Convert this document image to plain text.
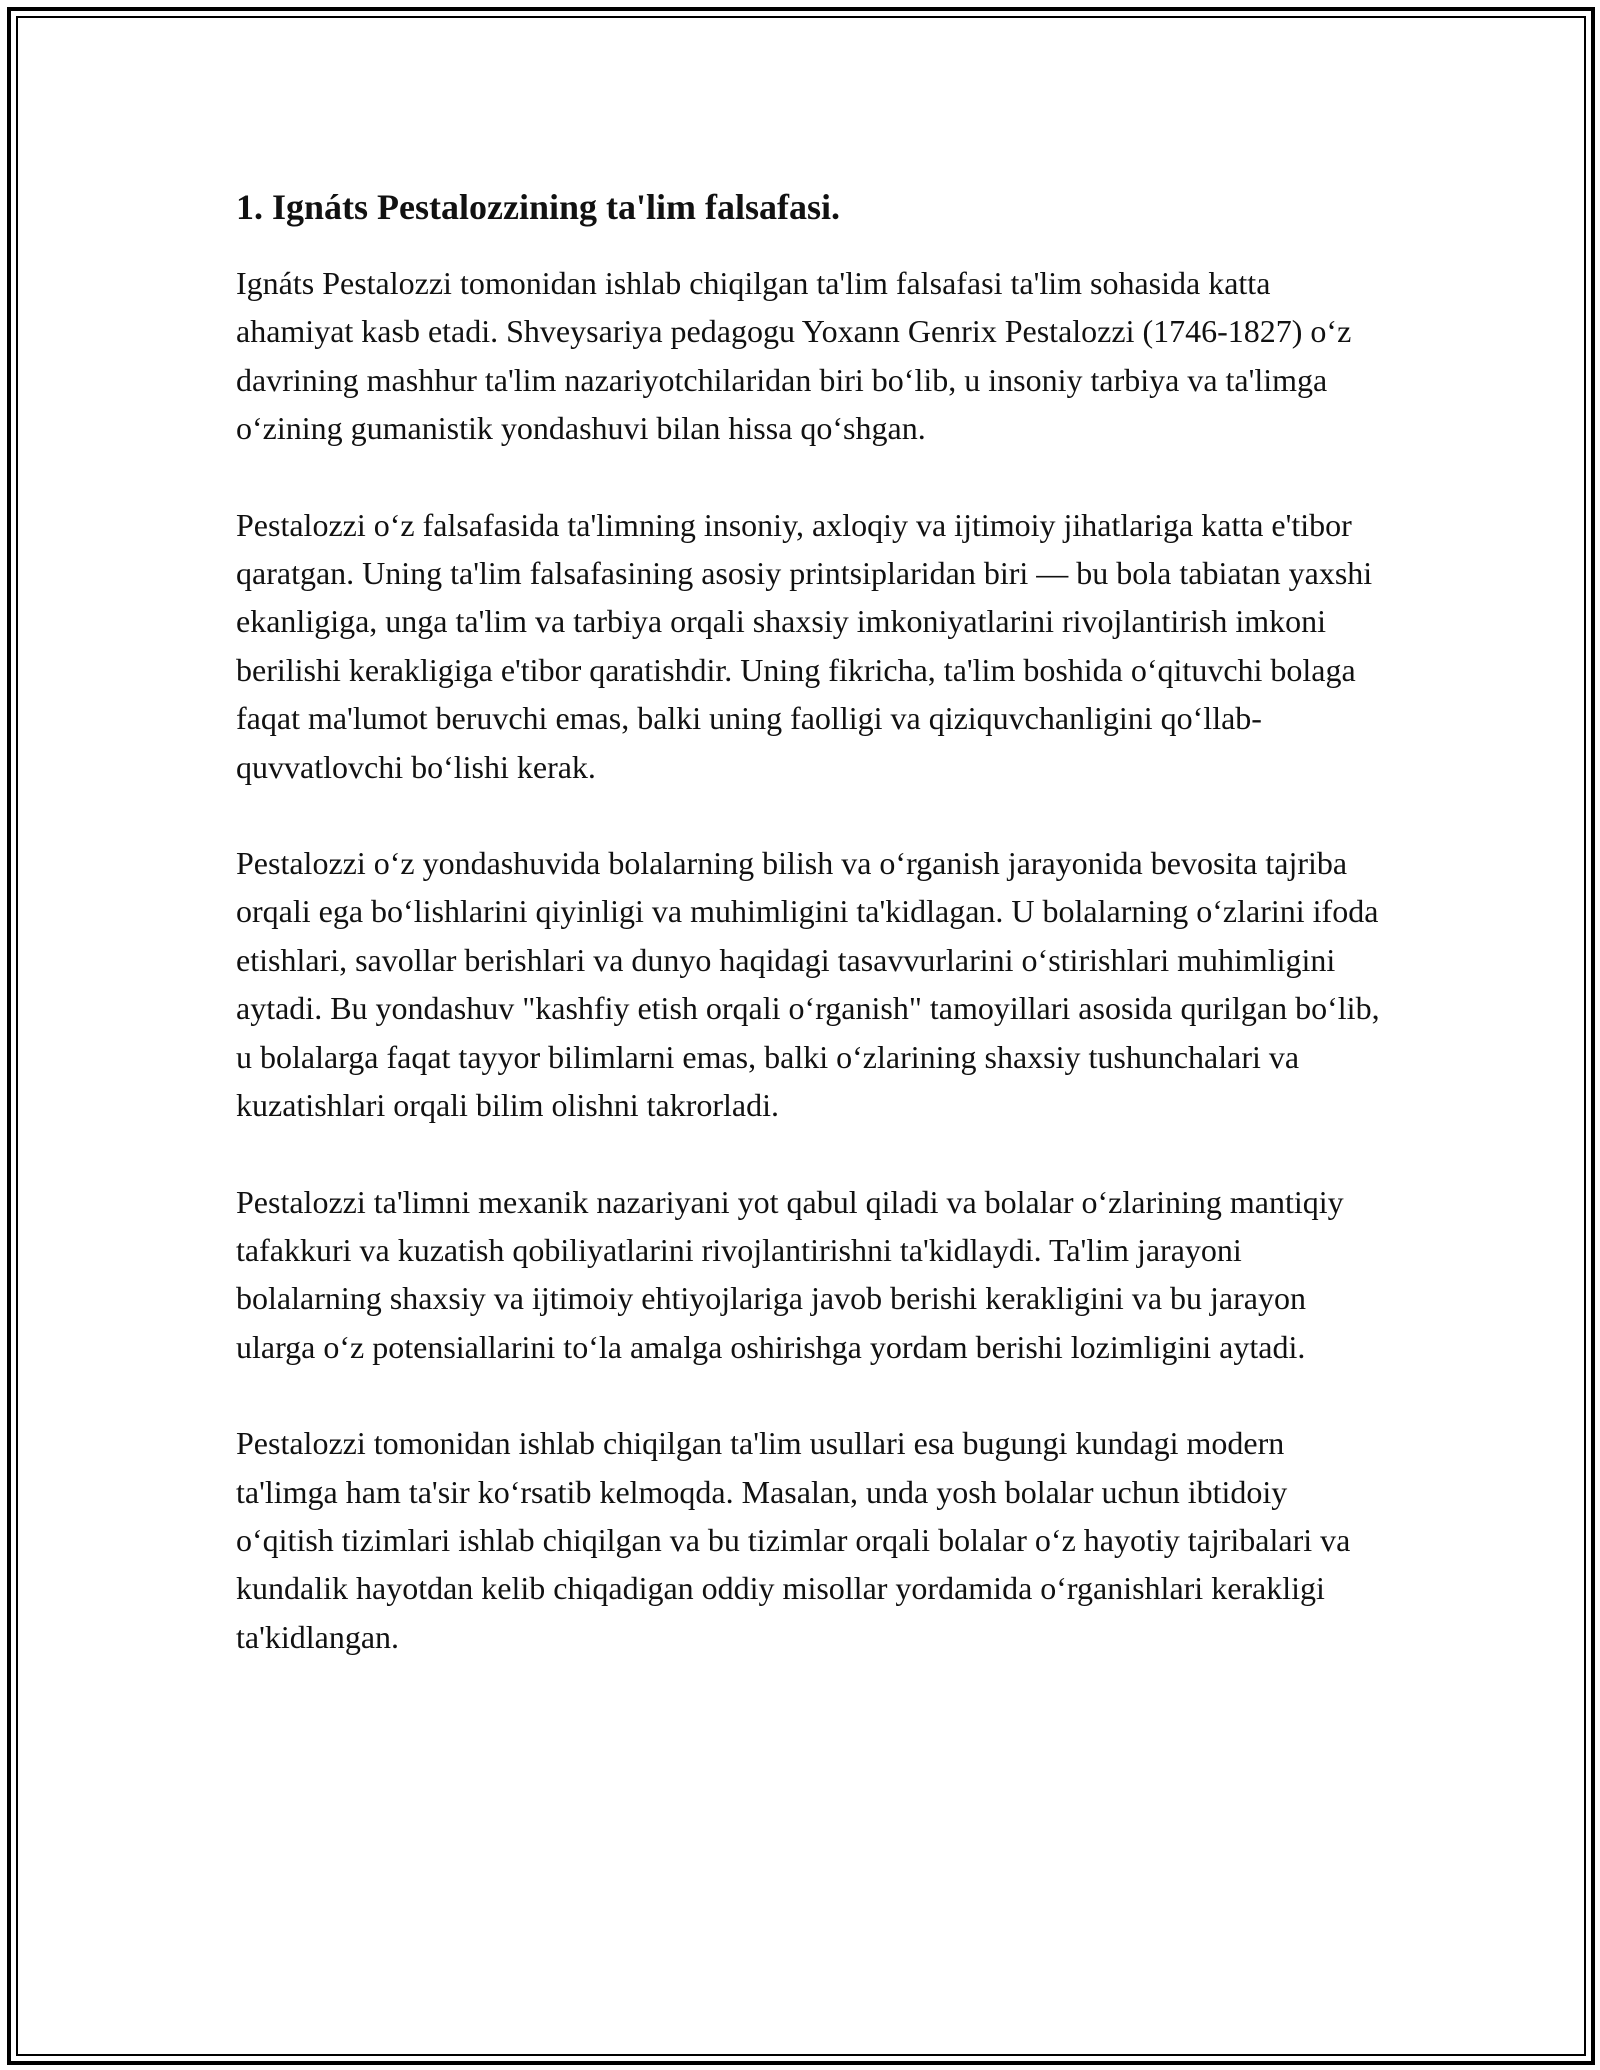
1. Ignáts Pestalozzining ta'lim falsafasi.

Ignáts Pestalozzi tomonidan ishlab chiqilgan ta'lim falsafasi ta'lim sohasida katta ahamiyat kasb etadi. Shveysariya pedagogu Yoxann Genrix Pestalozzi (1746-1827) o‘z davrining mashhur ta'lim nazariyotchilaridan biri bo‘lib, u insoniy tarbiya va ta'limga o‘zining gumanistik yondashuvi bilan hissa qo‘shgan.

Pestalozzi o‘z falsafasida ta'limning insoniy, axloqiy va ijtimoiy jihatlariga katta e'tibor qaratgan. Uning ta'lim falsafasining asosiy printsiplaridan biri — bu bola tabiatan yaxshi ekanligiga, unga ta'lim va tarbiya orqali shaxsiy imkoniyatlarini rivojlantirish imkoni berilishi kerakligiga e'tibor qaratishdir. Uning fikricha, ta'lim boshida o‘qituvchi bolaga faqat ma'lumot beruvchi emas, balki uning faolligi va qiziquvchanligini qo‘llab-quvvatlovchi bo‘lishi kerak.

Pestalozzi o‘z yondashuvida bolalarning bilish va o‘rganish jarayonida bevosita tajriba orqali ega bo‘lishlarini qiyinligi va muhimligini ta'kidlagan. U bolalarning o‘zlarini ifoda etishlari, savollar berishlari va dunyo haqidagi tasavvurlarini o‘stirishlari muhimligini aytadi. Bu yondashuv "kashfiy etish orqali o‘rganish" tamoyillari asosida qurilgan bo‘lib, u bolalarga faqat tayyor bilimlarni emas, balki o‘zlarining shaxsiy tushunchalari va kuzatishlari orqali bilim olishni takrorladi.

Pestalozzi ta'limni mexanik nazariyani yot qabul qiladi va bolalar o‘zlarining mantiqiy tafakkuri va kuzatish qobiliyatlarini rivojlantirishni ta'kidlaydi. Ta'lim jarayoni bolalarning shaxsiy va ijtimoiy ehtiyojlariga javob berishi kerakligini va bu jarayon ularga o‘z potensiallarini to‘la amalga oshirishga yordam berishi lozimligini aytadi.

Pestalozzi tomonidan ishlab chiqilgan ta'lim usullari esa bugungi kundagi modern ta'limga ham ta'sir ko‘rsatib kelmoqda. Masalan, unda yosh bolalar uchun ibtidoiy o‘qitish tizimlari ishlab chiqilgan va bu tizimlar orqali bolalar o‘z hayotiy tajribalari va kundalik hayotdan kelib chiqadigan oddiy misollar yordamida o‘rganishlari kerakligi ta'kidlangan.
